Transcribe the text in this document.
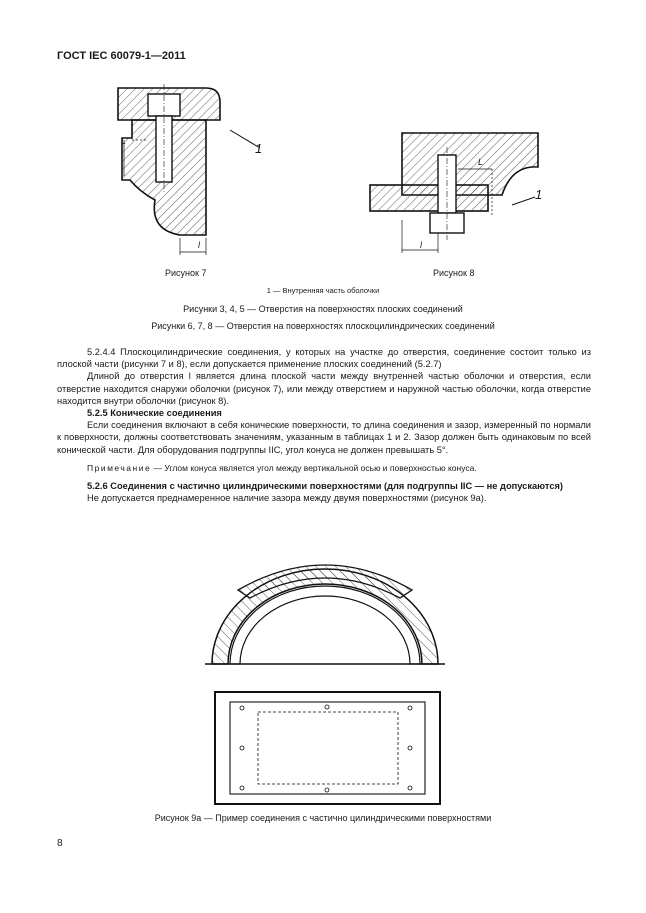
ГОСТ IEC 60079-1—2011
L
l
1
Рисунок 7
L
l
1
Рисунок 8
1 — Внутренняя часть оболочки
Рисунки 3, 4, 5 — Отверстия на поверхностях плоских соединений
Рисунки 6, 7, 8 — Отверстия на поверхностях плоскоцилиндрических соединений
5.2.4.4 Плоскоцилиндрические соединения, у которых на участке до отверстия, соединение состоит только из плоской части (рисунки 7 и 8), если допускается применение плоских соединений (5.2.7)
Длиной до отверстия l является длина плоской части между внутренней частью оболочки и отверстия, если отверстие находится снаружи оболочки (рисунок 7), или между отверстием и наружной частью оболочки, когда отверстие находится внутри оболочки (рисунок 8).
5.2.5 Конические соединения
Если соединения включают в себя конические поверхности, то длина соединения и зазор, измеренный по нормали к поверхности, должны соответствовать значениям, указанным в таблицах 1 и 2. Зазор должен быть одинаковым по всей конической части. Для оборудования подгруппы IIC, угол конуса не должен превышать 5°.
Примечание — Углом конуса является угол между вертикальной осью и поверхностью конуса.
5.2.6 Соединения с частично цилиндрическими поверхностями (для подгруппы IIC — не допускаются)
Не допускается преднамеренное наличие зазора между двумя поверхностями (рисунок 9а).
Рисунок 9а — Пример соединения с частично цилиндрическими поверхностями
8
